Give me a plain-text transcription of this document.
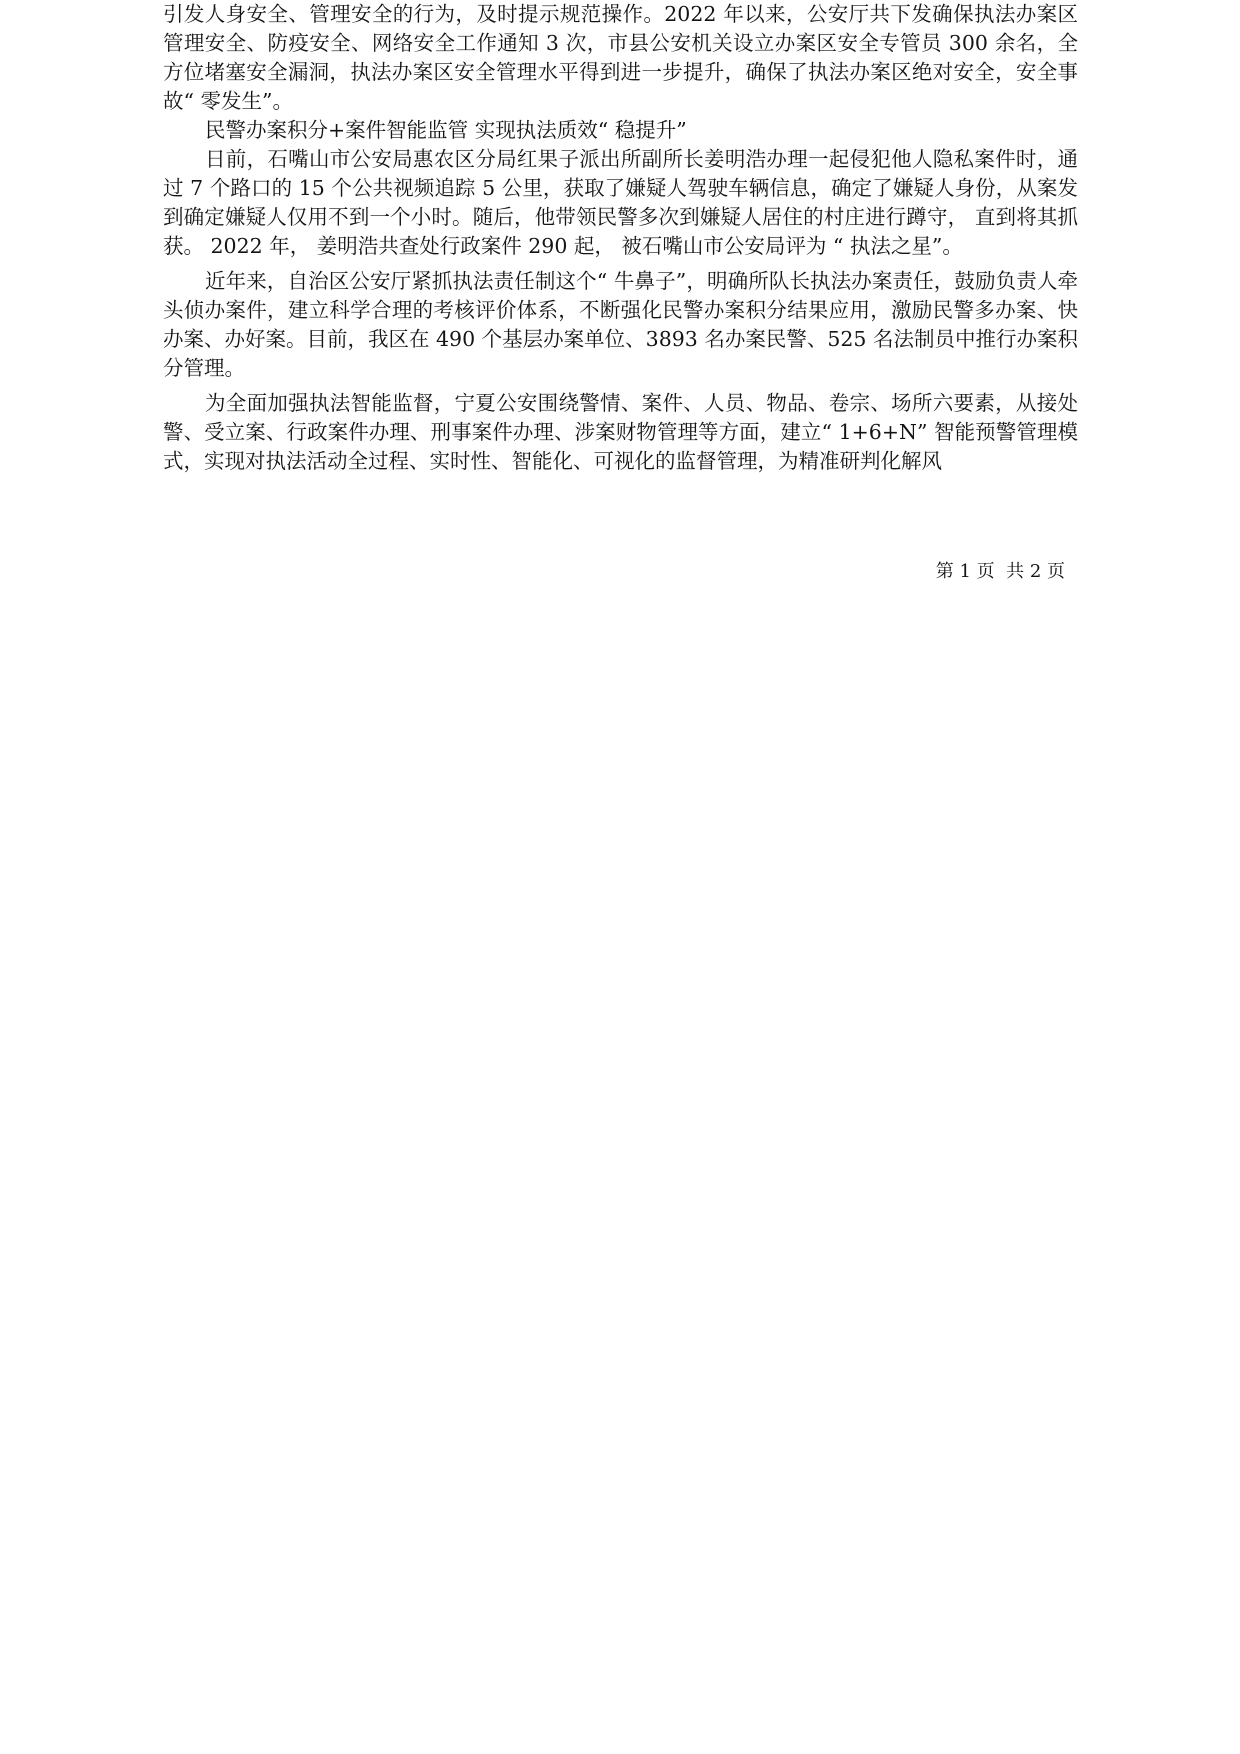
引发人身安全、管理安全的行为，及时提示规范操作。2022 年以来，公安厅共下发确保执法办案区管理安全、防疫安全、网络安全工作通知 3 次，市县公安机关设立办案区安全专管员 300 余名，全方位堵塞安全漏洞，执法办案区安全管理水平得到进一步提升，确保了执法办案区绝对安全，安全事故“ 零发生”。

民警办案积分+案件智能监管 实现执法质效“ 稳提升”

日前，石嘴山市公安局惠农区分局红果子派出所副所长姜明浩办理一起侵犯他人隐私案件时，通过 7 个路口的 15 个公共视频追踪 5 公里，获取了嫌疑人驾驶车辆信息，确定了嫌疑人身份，从案发到确定嫌疑人仅用不到一个小时。随后，他带领民警多次到嫌疑人居住的村庄进行蹲守， 直到将其抓获。 2022 年， 姜明浩共查处行政案件 290 起， 被石嘴山市公安局评为 “ 执法之星”。

近年来，自治区公安厅紧抓执法责任制这个“ 牛鼻子”，明确所队长执法办案责任，鼓励负责人牵头侦办案件，建立科学合理的考核评价体系，不断强化民警办案积分结果应用，激励民警多办案、快办案、办好案。目前，我区在 490 个基层办案单位、3893 名办案民警、525 名法制员中推行办案积分管理。

为全面加强执法智能监督，宁夏公安围绕警情、案件、人员、物品、卷宗、场所六要素，从接处警、受立案、行政案件办理、刑事案件办理、涉案财物管理等方面，建立“ 1+6+N” 智能预警管理模式，实现对执法活动全过程、实时性、智能化、可视化的监督管理，为精准研判化解风

第 1 页  共 2 页
